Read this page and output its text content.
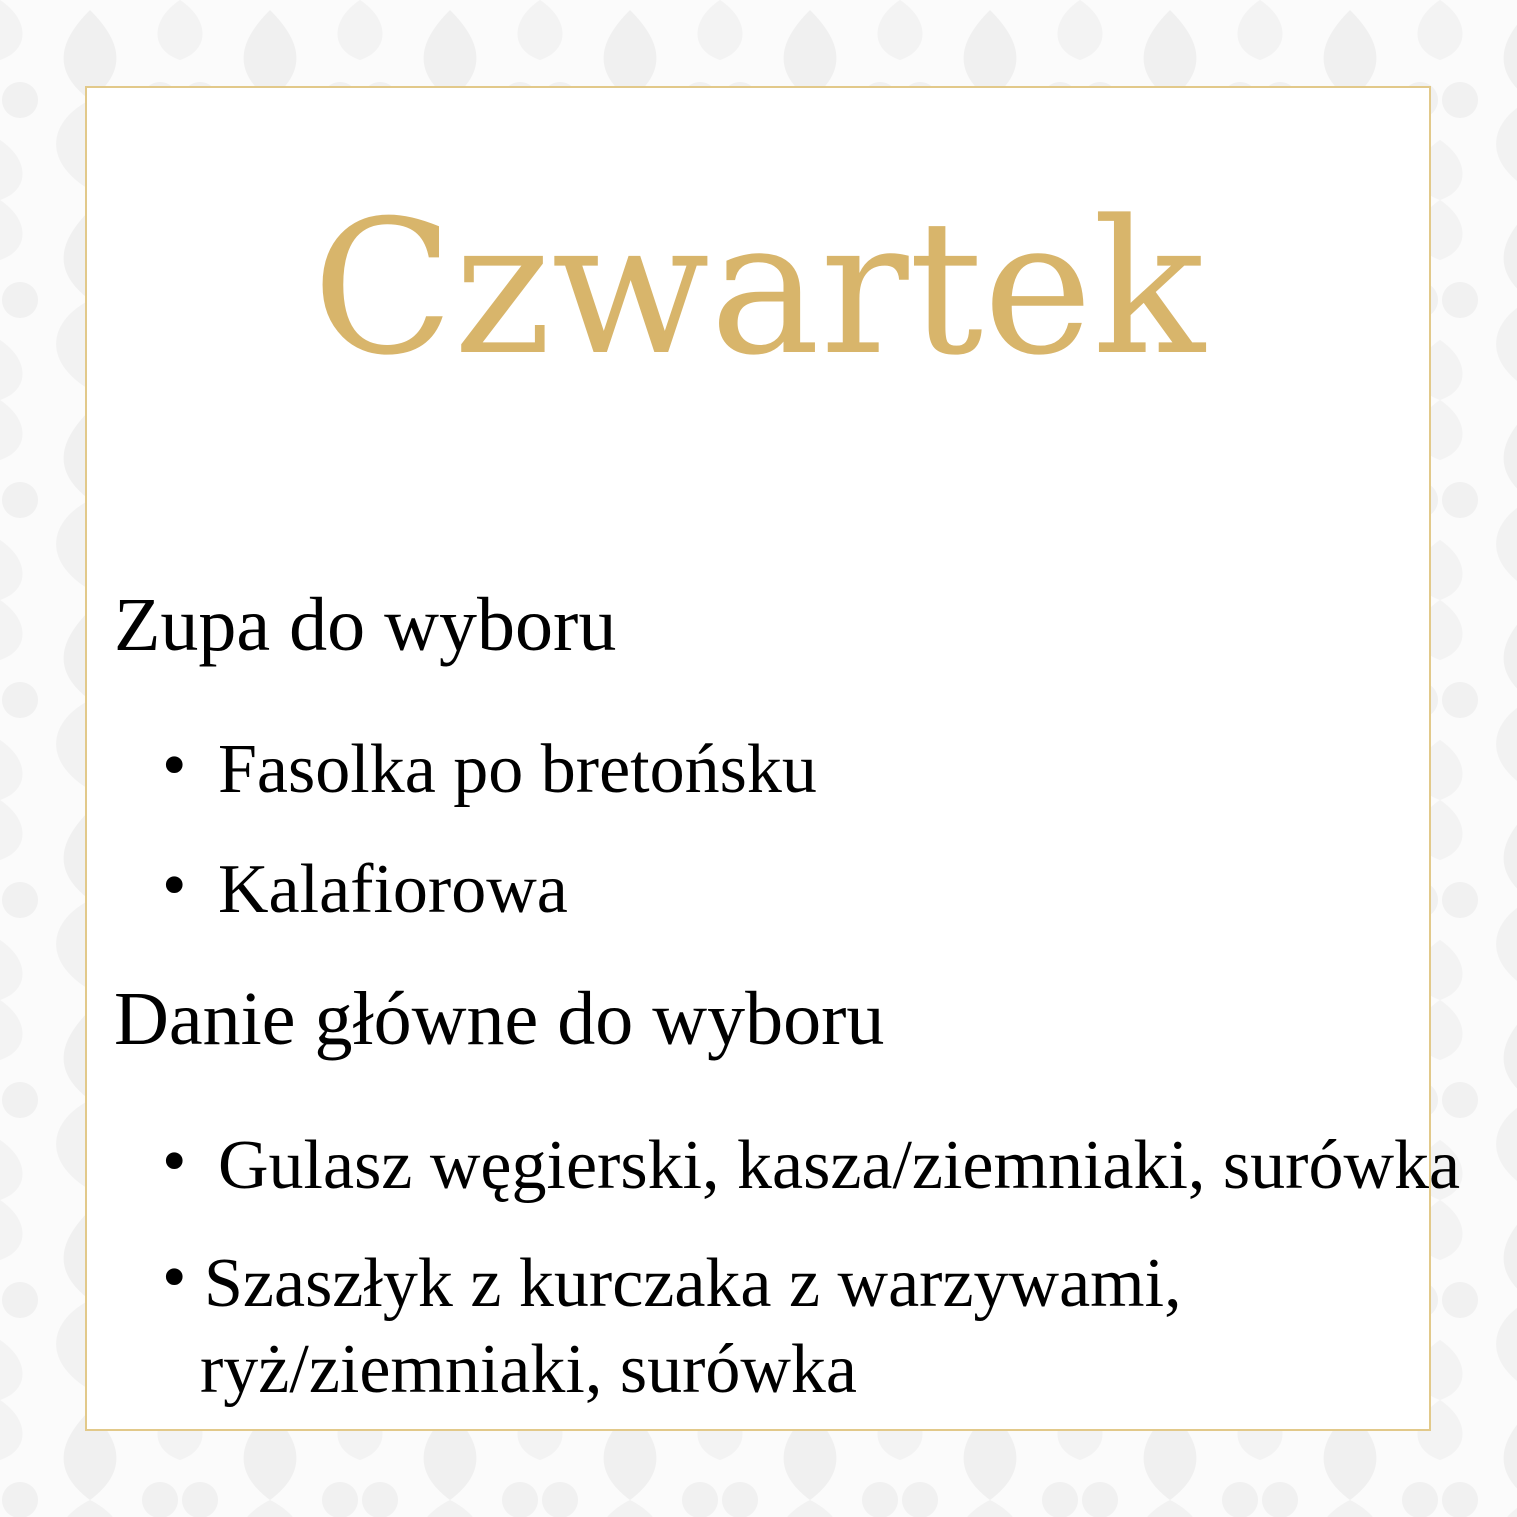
Czwartek
Zupa do wyboru
• Fasolka po bretońsku
• Kalafiorowa
Danie główne do wyboru
• Gulasz węgierski, kasza/ziemniaki, surówka
• Szaszłyk z kurczaka z warzywami,
ryż/ziemniaki, surówka
